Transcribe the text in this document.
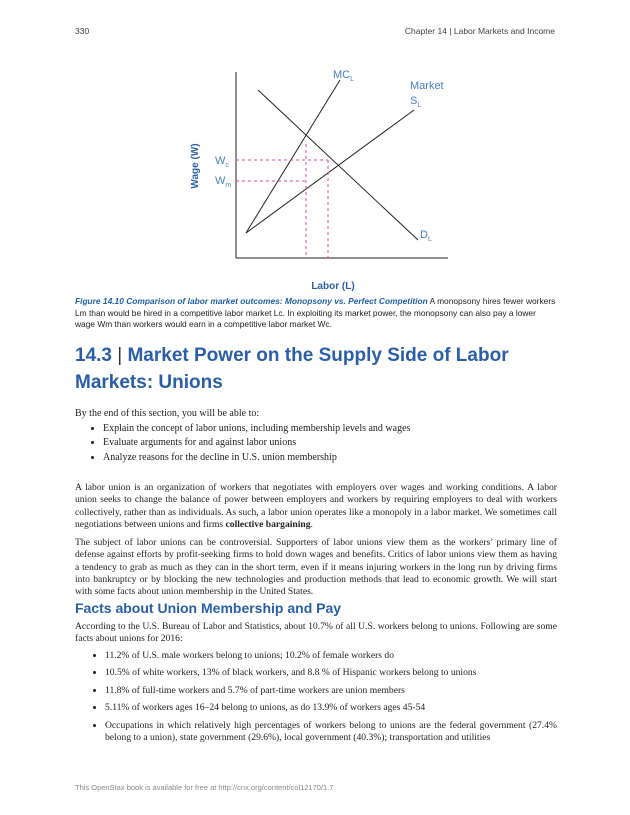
330	Chapter 14 | Labor Markets and Income
$MC_L$
Market
$S_L$
$D_L$
$W_c$
$W_m$
Wage (W)
Labor (L)
Figure 14.10 Comparison of labor market outcomes: Monopsony vs. Perfect Competition A monopsony hires fewer workers Lm than would be hired in a competitive labor market Lc. In exploiting its market power, the monopsony can also pay a lower wage Wm than workers would earn in a competitive labor market Wc.
14.3 | Market Power on the Supply Side of Labor Markets: Unions
By the end of this section, you will be able to:
• Explain the concept of labor unions, including membership levels and wages
• Evaluate arguments for and against labor unions
• Analyze reasons for the decline in U.S. union membership

A labor union is an organization of workers that negotiates with employers over wages and working conditions. A labor union seeks to change the balance of power between employers and workers by requiring employers to deal with workers collectively, rather than as individuals. As such, a labor union operates like a monopoly in a labor market. We sometimes call negotiations between unions and firms collective bargaining.

The subject of labor unions can be controversial. Supporters of labor unions view them as the workers’ primary line of defense against efforts by profit-seeking firms to hold down wages and benefits. Critics of labor unions view them as having a tendency to grab as much as they can in the short term, even if it means injuring workers in the long run by driving firms into bankruptcy or by blocking the new technologies and production methods that lead to economic growth. We will start with some facts about union membership in the United States.

Facts about Union Membership and Pay

According to the U.S. Bureau of Labor and Statistics, about 10.7% of all U.S. workers belong to unions. Following are some facts about unions for 2016:

• 11.2% of U.S. male workers belong to unions; 10.2% of female workers do
• 10.5% of white workers, 13% of black workers, and 8.8 % of Hispanic workers belong to unions
• 11.8% of full-time workers and 5.7% of part-time workers are union members
• 5.11% of workers ages 16–24 belong to unions, as do 13.9% of workers ages 45-54
• Occupations in which relatively high percentages of workers belong to unions are the federal government (27.4% belong to a union), state government (29.6%), local government (40.3%); transportation and utilities
This OpenStax book is available for free at http://cnx.org/content/col12170/1.7
